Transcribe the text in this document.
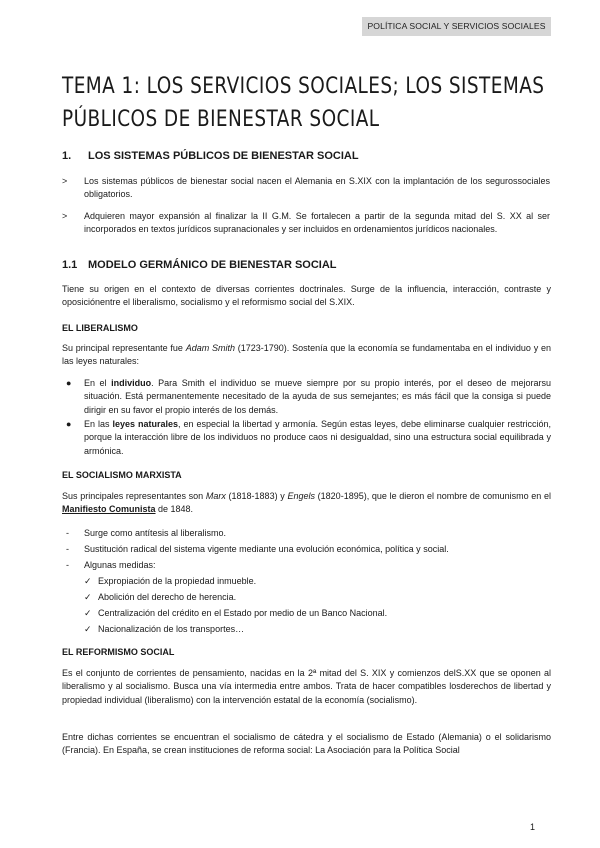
POLÍTICA SOCIAL Y SERVICIOS SOCIALES
TEMA 1: LOS SERVICIOS SOCIALES; LOS SISTEMAS PÚBLICOS DE BIENESTAR SOCIAL
1. LOS SISTEMAS PÚBLICOS DE BIENESTAR SOCIAL
>	Los sistemas públicos de bienestar social nacen el Alemania en S.XIX con la implantación de los segurossociales obligatorios.
>	Adquieren mayor expansión al finalizar la II G.M. Se fortalecen a partir de la segunda mitad del S. XX al ser incorporados en textos jurídicos supranacionales y ser incluidos en ordenamientos jurídicos nacionales.
1.1 MODELO GERMÁNICO DE BIENESTAR SOCIAL

Tiene su origen en el contexto de diversas corrientes doctrinales. Surge de la influencia, interacción, contraste y oposiciónentre el liberalismo, socialismo y el reformismo social del S.XIX.

EL LIBERALISMO

Su principal representante fue Adam Smith (1723-1790). Sostenía que la economía se fundamentaba en el individuo y en las leyes naturales:

●	En el individuo. Para Smith el individuo se mueve siempre por su propio interés, por el deseo de mejorarsu situación. Está permanentemente necesitado de la ayuda de sus semejantes; es más fácil que la consiga si puede dirigir en su favor el propio interés de los demás.
●	En las leyes naturales, en especial la libertad y armonía. Según estas leyes, debe eliminarse cualquier restricción, porque la interacción libre de los individuos no produce caos ni desigualdad, sino una estructura social equilibrada y armónica.
EL SOCIALISMO MARXISTA

Sus principales representantes son Marx (1818-1883) y Engels (1820-1895), que le dieron el nombre de comunismo en el Manifiesto Comunista de 1848.

-	Surge como antítesis al liberalismo.
-	Sustitución radical del sistema vigente mediante una evolución económica, política y social.
-	Algunas medidas:
✓ Expropiación de la propiedad inmueble.
✓ Abolición del derecho de herencia.
✓ Centralización del crédito en el Estado por medio de un Banco Nacional.
✓ Nacionalización de los transportes…
EL REFORMISMO SOCIAL

Es el conjunto de corrientes de pensamiento, nacidas en la 2ª mitad del S. XIX y comienzos delS.XX que se oponen al liberalismo y al socialismo. Busca una vía intermedia entre ambos. Trata de hacer compatibles losderechos de libertad y propiedad individual (liberalismo) con la intervención estatal de la economía (socialismo).

Entre dichas corrientes se encuentran el socialismo de cátedra y el socialismo de Estado (Alemania) o el solidarismo (Francia). En España, se crean instituciones de reforma social: La Asociación para la Política Social

1
